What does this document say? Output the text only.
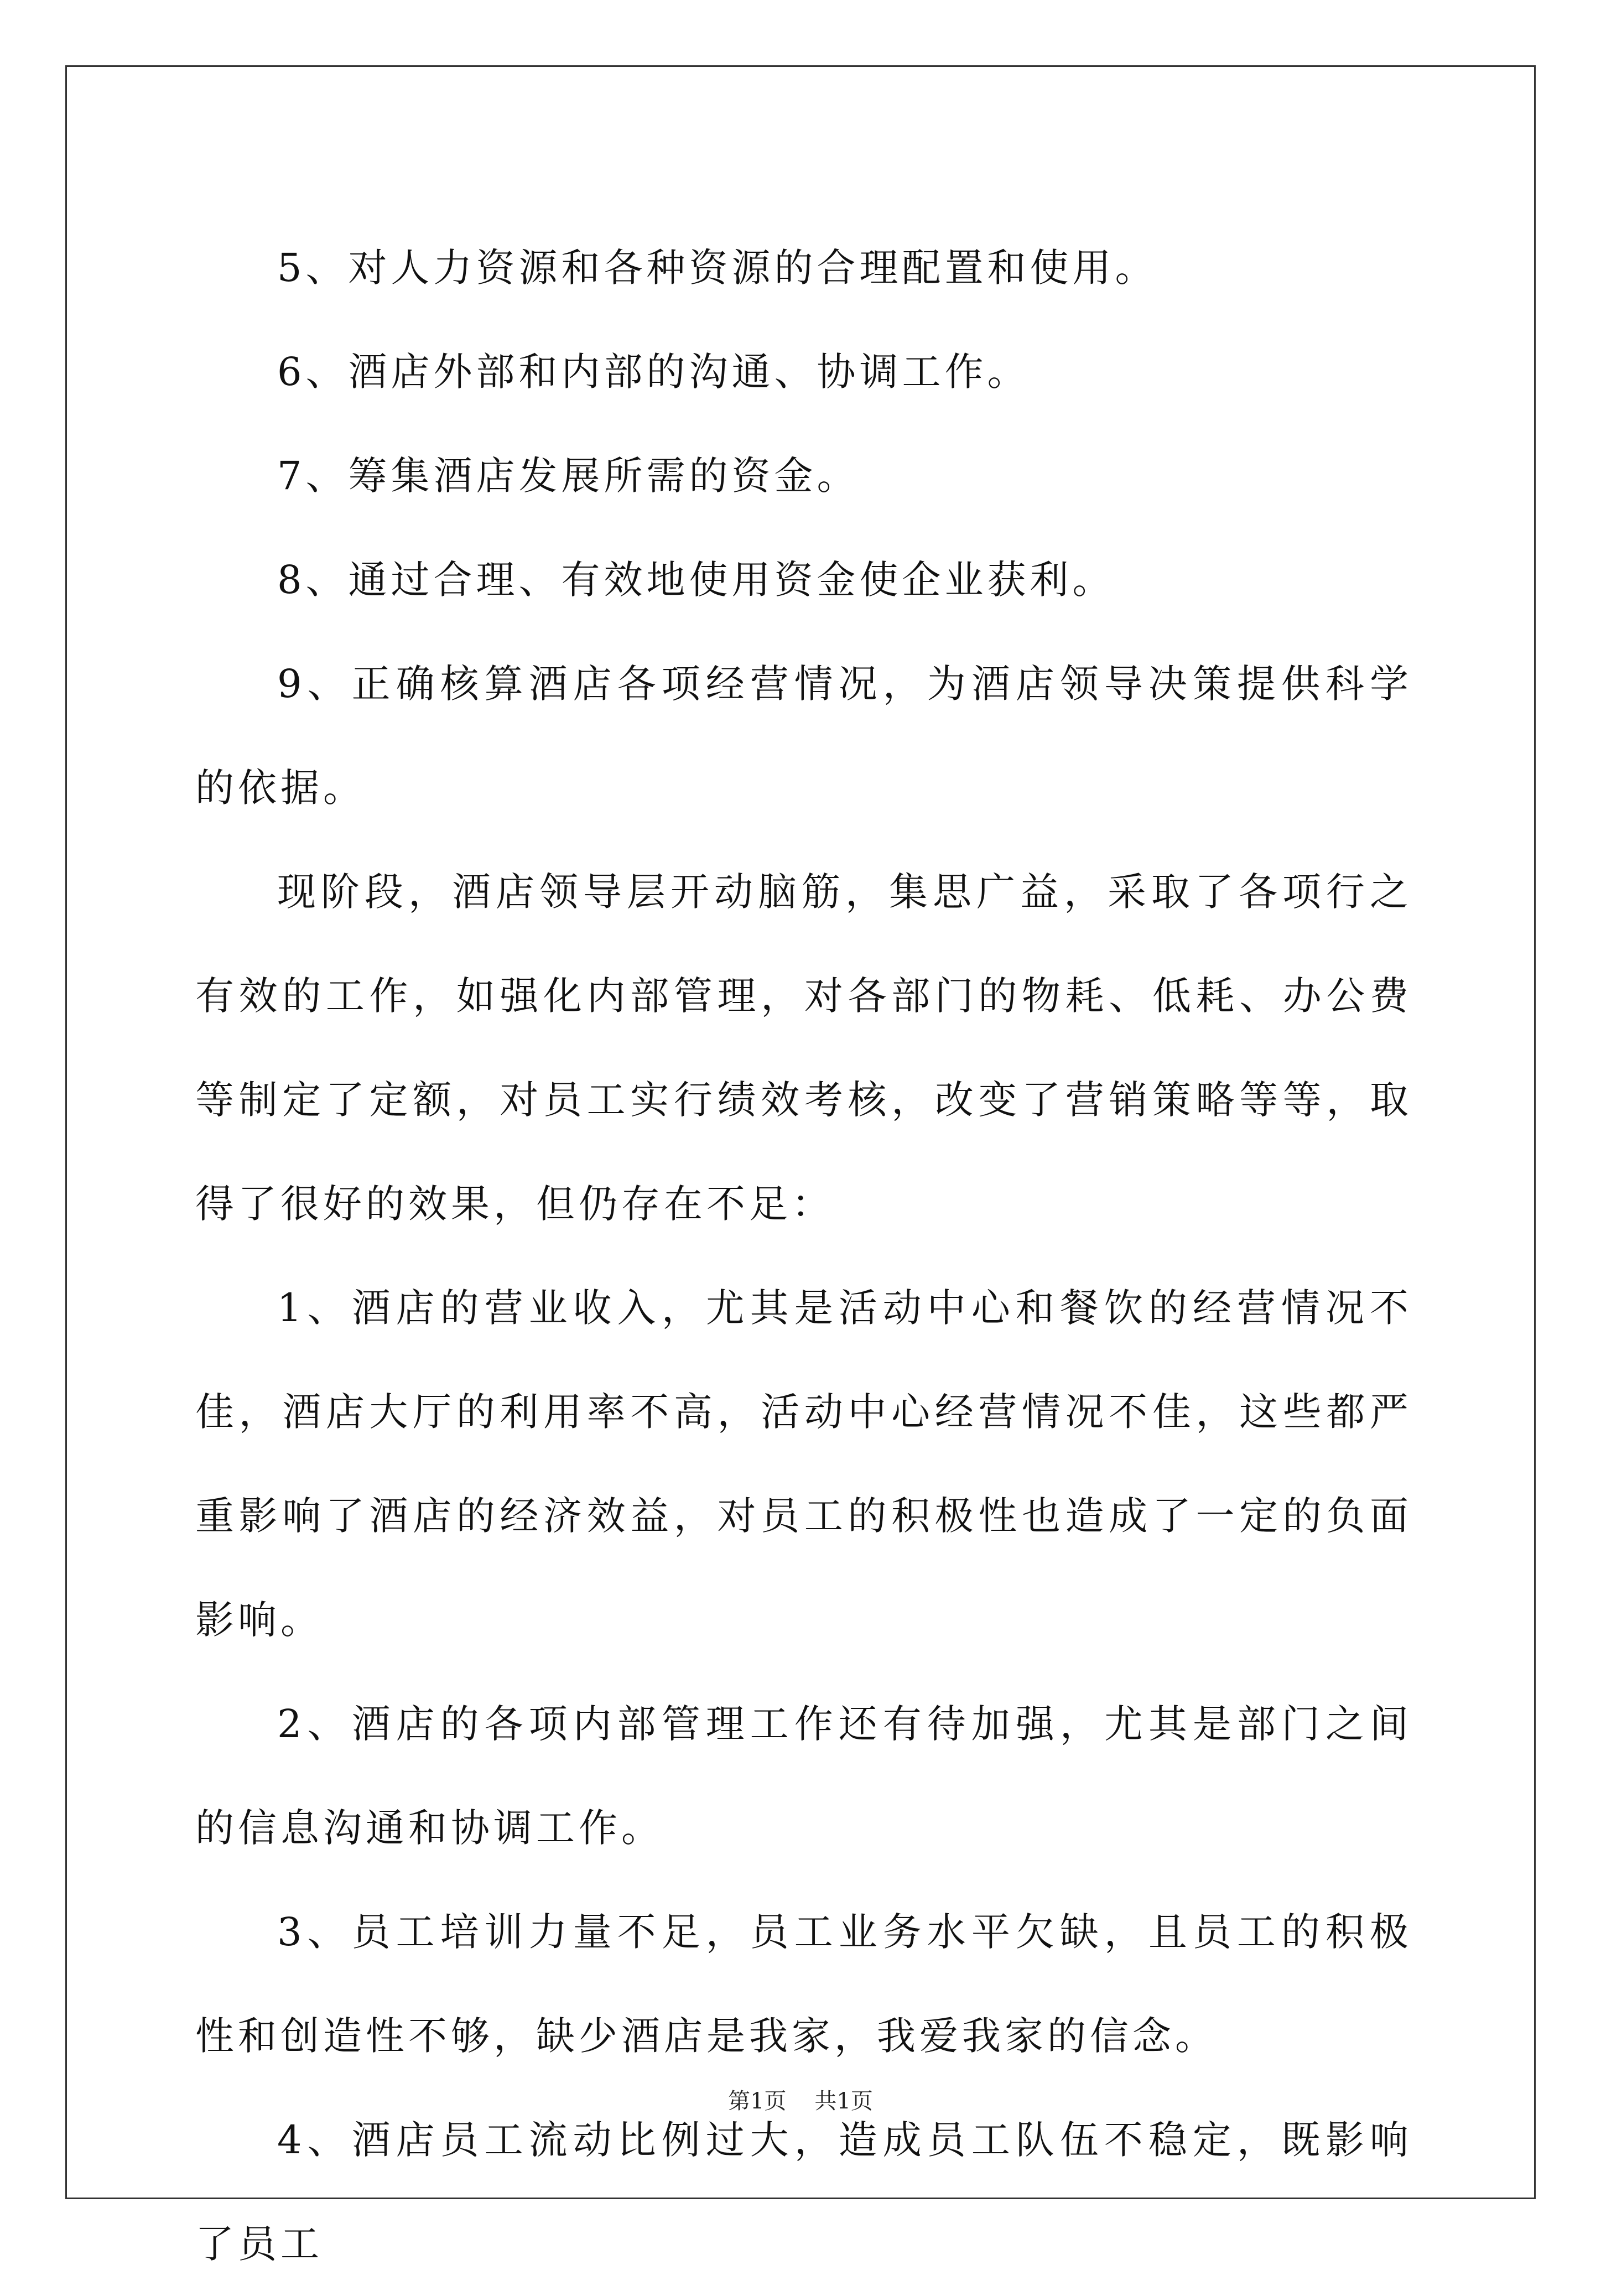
5、对人力资源和各种资源的合理配置和使用。

6、酒店外部和内部的沟通、协调工作。

7、筹集酒店发展所需的资金。

8、通过合理、有效地使用资金使企业获利。

9、正确核算酒店各项经营情况，为酒店领导决策提供科学的依据。

现阶段，酒店领导层开动脑筋，集思广益，采取了各项行之有效的工作，如强化内部管理，对各部门的物耗、低耗、办公费等制定了定额，对员工实行绩效考核，改变了营销策略等等，取得了很好的效果，但仍存在不足：

1、酒店的营业收入，尤其是活动中心和餐饮的经营情况不佳，酒店大厅的利用率不高，活动中心经营情况不佳，这些都严重影响了酒店的经济效益，对员工的积极性也造成了一定的负面影响。

2、酒店的各项内部管理工作还有待加强，尤其是部门之间的信息沟通和协调工作。

3、员工培训力量不足，员工业务水平欠缺，且员工的积极性和创造性不够，缺少酒店是我家，我爱我家的信念。

4、酒店员工流动比例过大，造成员工队伍不稳定，既影响了员工

第1页 共1页
